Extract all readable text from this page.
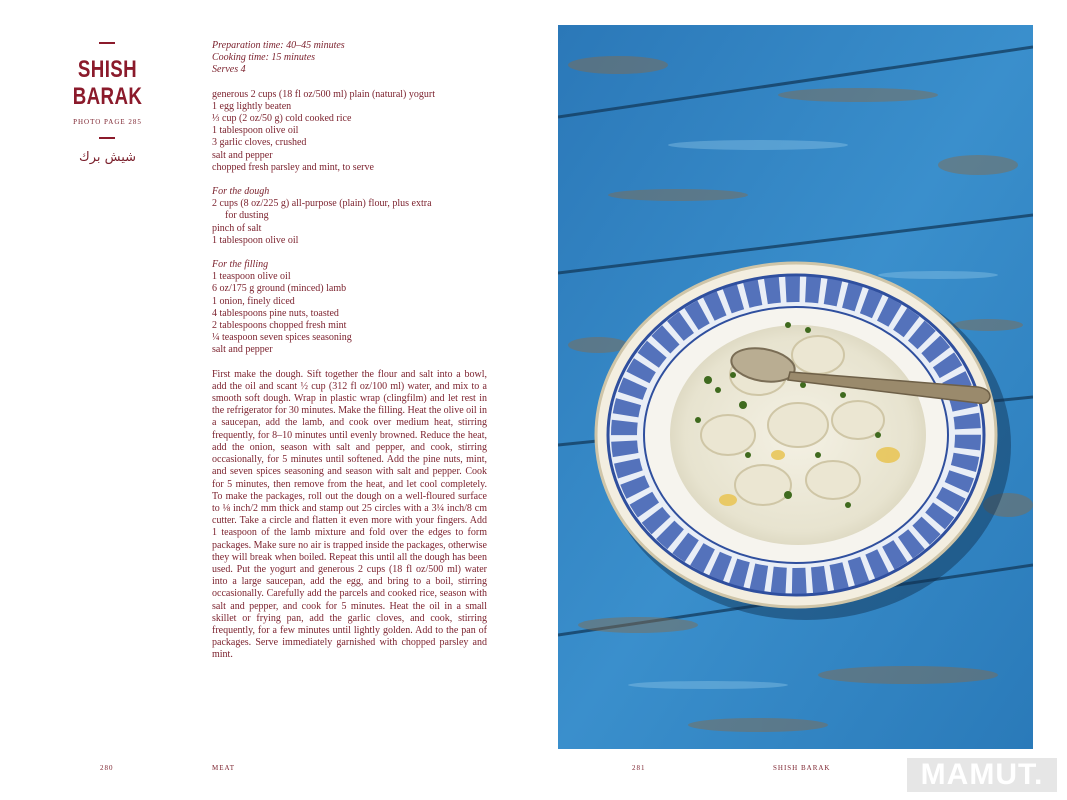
SHISH
BARAK
PHOTO PAGE 285
شيش برك
Preparation time: 40–45 minutes
Cooking time: 15 minutes
Serves 4
generous 2 cups (18 fl oz/500 ml) plain (natural) yogurt
1 egg lightly beaten
⅓ cup (2 oz/50 g) cold cooked rice
1 tablespoon olive oil
3 garlic cloves, crushed
salt and pepper
chopped fresh parsley and mint, to serve
For the dough
2 cups (8 oz/225 g) all-purpose (plain) flour, plus extra
for dusting
pinch of salt
1 tablespoon olive oil
For the filling
1 teaspoon olive oil
6 oz/175 g ground (minced) lamb
1 onion, finely diced
4 tablespoons pine nuts, toasted
2 tablespoons chopped fresh mint
¼ teaspoon seven spices seasoning
salt and pepper
First make the dough. Sift together the flour and salt into a bowl, add the oil and scant ½ cup (312 fl oz/100 ml) water, and mix to a smooth soft dough. Wrap in plastic wrap (clingfilm) and let rest in the refrigerator for 30 minutes. Make the filling. Heat the olive oil in a saucepan, add the lamb, and cook over medium heat, stirring frequently, for 8–10 minutes until evenly browned. Reduce the heat, add the onion, season with salt and pepper, and cook, stirring occasionally, for 5 minutes until softened. Add the pine nuts, mint, and seven spices seasoning and season with salt and pepper. Cook for 5 minutes, then remove from the heat, and let cool completely. To make the packages, roll out the dough on a well-floured surface to ⅛ inch/2 mm thick and stamp out 25 circles with a 3¼ inch/8 cm cutter. Take a circle and flatten it even more with your fingers. Add 1 teaspoon of the lamb mixture and fold over the edges to form packages. Make sure no air is trapped inside the packages, otherwise they will break when boiled. Repeat this until all the dough has been used. Put the yogurt and generous 2 cups (18 fl oz/500 ml) water into a large saucepan, add the egg, and bring to a boil, stirring occasionally. Carefully add the parcels and cooked rice, season with salt and pepper, and cook for 5 minutes. Heat the oil in a small skillet or frying pan, add the garlic cloves, and cook, stirring frequently, for a few minutes until lightly golden. Add to the pan of packages. Serve immediately garnished with chopped parsley and mint.
280	MEAT	281	SHISH BARAK	MAMUT.
